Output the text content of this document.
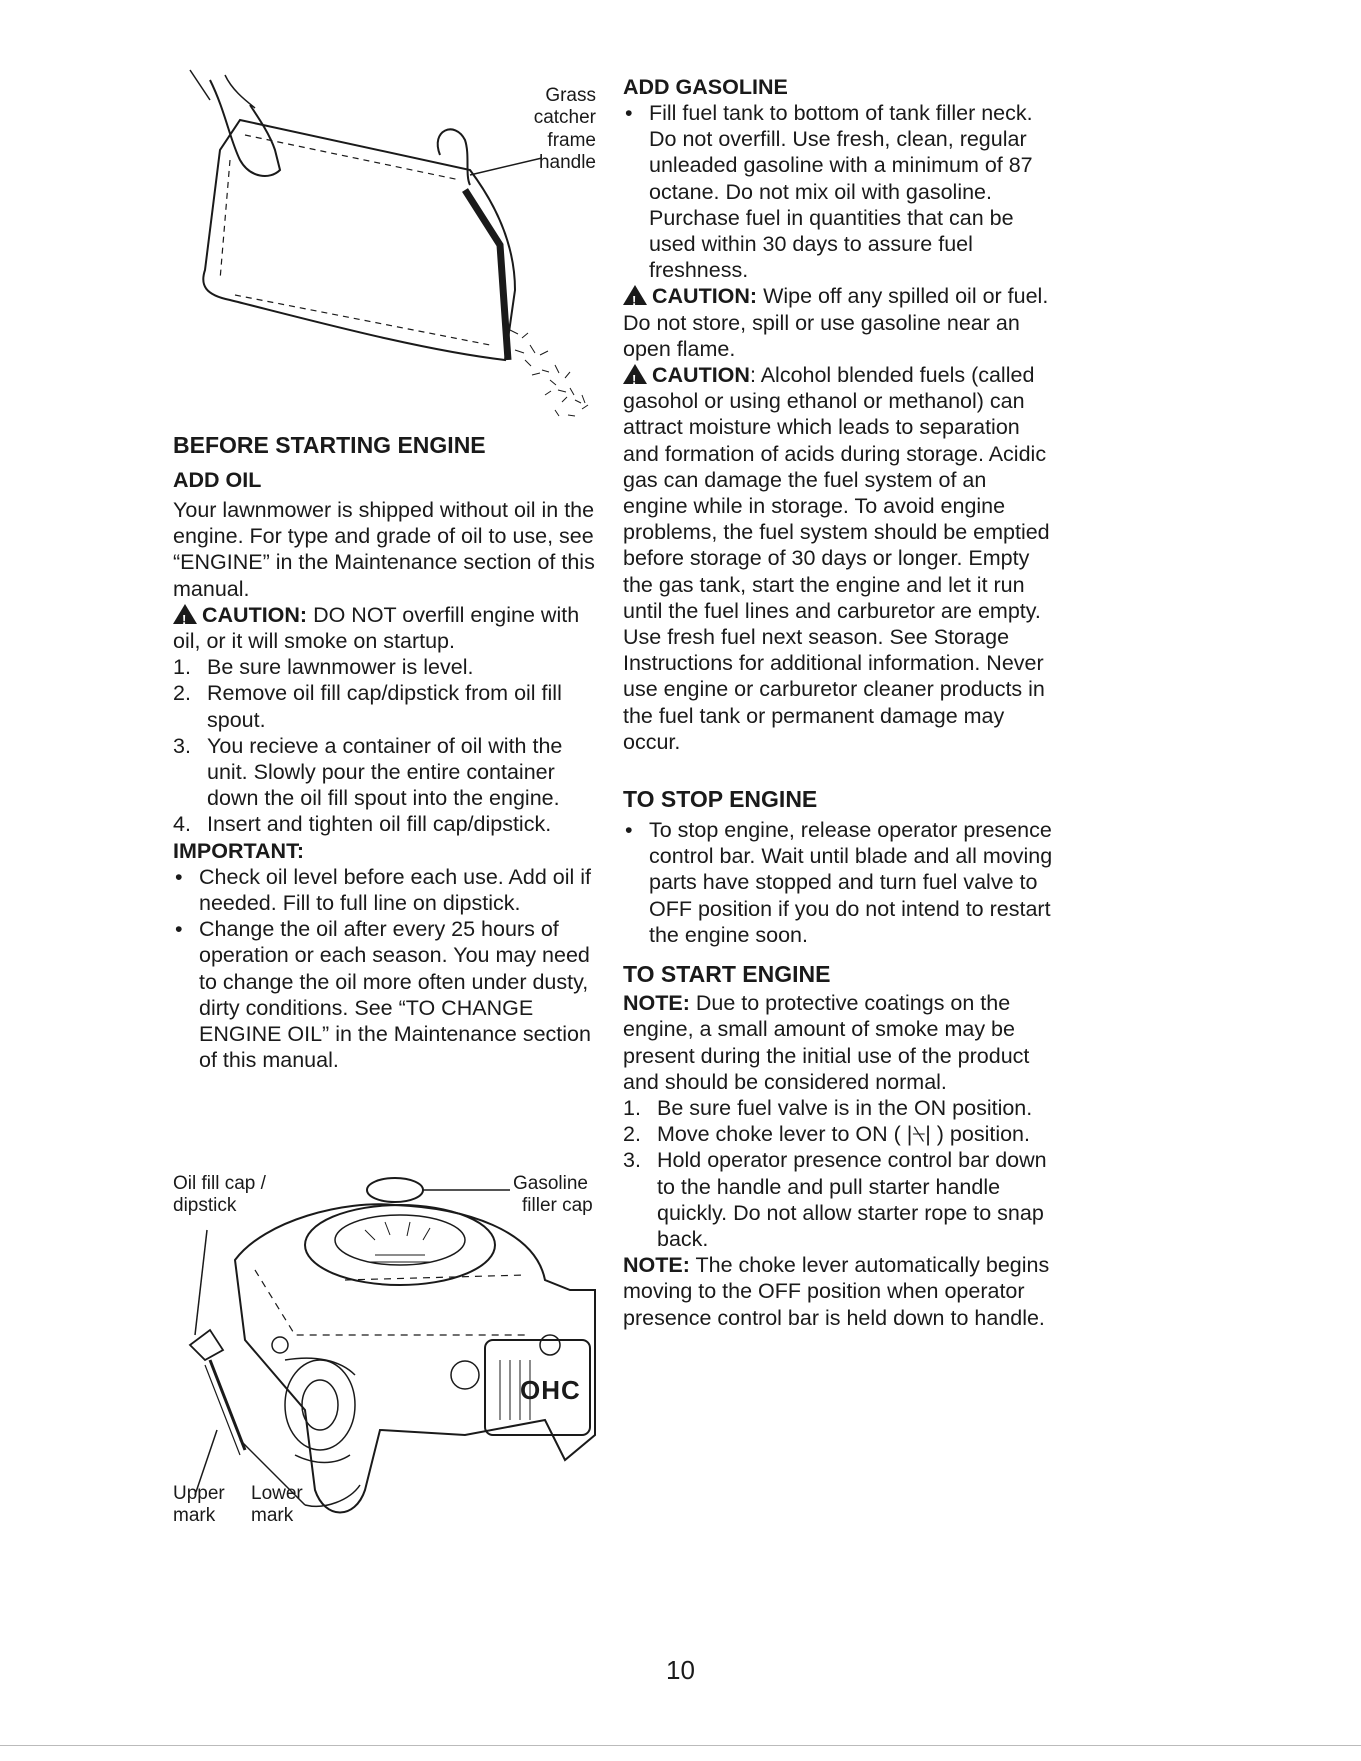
Grass
catcher
frame
handle
BEFORE STARTING ENGINE
ADD OIL

Your lawnmower is shipped without oil in the engine. For type and grade of oil to use, see “ENGINE” in the Maintenance section of this manual.

!CAUTION: DO NOT overfill engine with oil, or it will smoke on startup.

1. Be sure lawnmower is level.
2. Remove oil fill cap/dipstick from oil fill spout.
3. You recieve a container of oil with the unit. Slowly pour the entire container down the oil fill spout into the engine.
4. Insert and tighten oil fill cap/dipstick.

IMPORTANT:

• Check oil level before each use. Add oil if needed. Fill to full line on dipstick.
• Change the oil after every 25 hours of operation or each season. You may need to change the oil more often under dusty, dirty conditions. See “TO CHANGE ENGINE OIL” in the Maintenance section of this manual.
Oil fill cap /
dipstick
Gasoline
filler cap
Upper
mark
Lower
mark
OHC
ADD GASOLINE
• Fill fuel tank to bottom of tank filler neck. Do not overfill. Use fresh, clean, regular unleaded gasoline with a minimum of 87 octane. Do not mix oil with gasoline. Purchase fuel in quantities that can be used within 30 days to assure fuel freshness.

!CAUTION: Wipe off any spilled oil or fuel. Do not store, spill or use gasoline near an open flame.

!CAUTION: Alcohol blended fuels (called gasohol or using ethanol or methanol) can attract moisture which leads to separation and formation of acids during storage. Acidic gas can damage the fuel system of an engine while in storage. To avoid engine problems, the fuel system should be emptied before storage of 30 days or longer. Empty the gas tank, start the engine and let it run until the fuel lines and carburetor are empty. Use fresh fuel next season. See Storage Instructions for additional information. Never use engine or carburetor cleaner products in the fuel tank or permanent damage may occur.

TO STOP ENGINE
• To stop engine, release operator presence control bar. Wait until blade and all moving parts have stopped and turn fuel valve to OFF position if you do not intend to restart the engine soon.
TO START ENGINE

NOTE: Due to protective coatings on the engine, a small amount of smoke may be present during the initial use of the product and should be considered normal.

1. Be sure fuel valve is in the ON position.
2. Move choke lever to ON ( |⍀| ) position.
3. Hold operator presence control bar down to the handle and pull starter handle quickly. Do not allow starter rope to snap back.

NOTE: The choke lever automatically begins moving to the OFF position when operator presence control bar is held down to handle.

10
